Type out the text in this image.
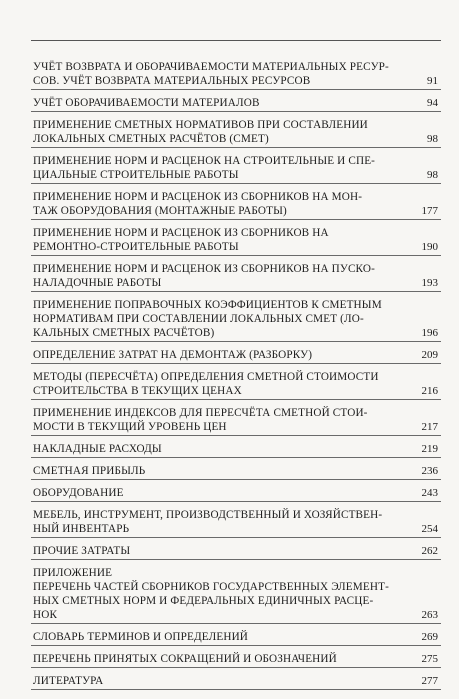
УЧЁТ ВОЗВРАТА И ОБОРАЧИВАЕМОСТИ МАТЕРИАЛЬНЫХ РЕСУР-
СОВ. УЧЁТ ВОЗВРАТА МАТЕРИАЛЬНЫХ РЕСУРСОВ	91
УЧЁТ ОБОРАЧИВАЕМОСТИ МАТЕРИАЛОВ	94
ПРИМЕНЕНИЕ СМЕТНЫХ НОРМАТИВОВ ПРИ СОСТАВЛЕНИИ
ЛОКАЛЬНЫХ СМЕТНЫХ РАСЧЁТОВ (СМЕТ)	98
ПРИМЕНЕНИЕ НОРМ И РАСЦЕНОК НА СТРОИТЕЛЬНЫЕ И СПЕ-
ЦИАЛЬНЫЕ СТРОИТЕЛЬНЫЕ РАБОТЫ	98
ПРИМЕНЕНИЕ НОРМ И РАСЦЕНОК ИЗ СБОРНИКОВ НА МОН-
ТАЖ ОБОРУДОВАНИЯ (МОНТАЖНЫЕ РАБОТЫ)	177
ПРИМЕНЕНИЕ НОРМ И РАСЦЕНОК ИЗ СБОРНИКОВ НА
РЕМОНТНО-СТРОИТЕЛЬНЫЕ РАБОТЫ	190
ПРИМЕНЕНИЕ НОРМ И РАСЦЕНОК ИЗ СБОРНИКОВ НА ПУСКО-
НАЛАДОЧНЫЕ РАБОТЫ	193
ПРИМЕНЕНИЕ ПОПРАВОЧНЫХ КОЭФФИЦИЕНТОВ К СМЕТНЫМ
НОРМАТИВАМ ПРИ СОСТАВЛЕНИИ ЛОКАЛЬНЫХ СМЕТ (ЛО-
КАЛЬНЫХ СМЕТНЫХ РАСЧЁТОВ)	196
ОПРЕДЕЛЕНИЕ ЗАТРАТ НА ДЕМОНТАЖ (РАЗБОРКУ)	209
МЕТОДЫ (ПЕРЕСЧЁТА) ОПРЕДЕЛЕНИЯ СМЕТНОЙ СТОИМОСТИ
СТРОИТЕЛЬСТВА В ТЕКУЩИХ ЦЕНАХ	216
ПРИМЕНЕНИЕ ИНДЕКСОВ ДЛЯ ПЕРЕСЧЁТА СМЕТНОЙ СТОИ-
МОСТИ В ТЕКУЩИЙ УРОВЕНЬ ЦЕН	217
НАКЛАДНЫЕ РАСХОДЫ	219
СМЕТНАЯ ПРИБЫЛЬ	236
ОБОРУДОВАНИЕ	243
МЕБЕЛЬ, ИНСТРУМЕНТ, ПРОИЗВОДСТВЕННЫЙ И ХОЗЯЙСТВЕН-
НЫЙ ИНВЕНТАРЬ	254
ПРОЧИЕ ЗАТРАТЫ	262
ПРИЛОЖЕНИЕ
ПЕРЕЧЕНЬ ЧАСТЕЙ СБОРНИКОВ ГОСУДАРСТВЕННЫХ ЭЛЕМЕНТ-
НЫХ СМЕТНЫХ НОРМ И ФЕДЕРАЛЬНЫХ ЕДИНИЧНЫХ РАСЦЕ-
НОК	263
СЛОВАРЬ ТЕРМИНОВ И ОПРЕДЕЛЕНИЙ	269
ПЕРЕЧЕНЬ ПРИНЯТЫХ СОКРАЩЕНИЙ И ОБОЗНАЧЕНИЙ	275
ЛИТЕРАТУРА	277
